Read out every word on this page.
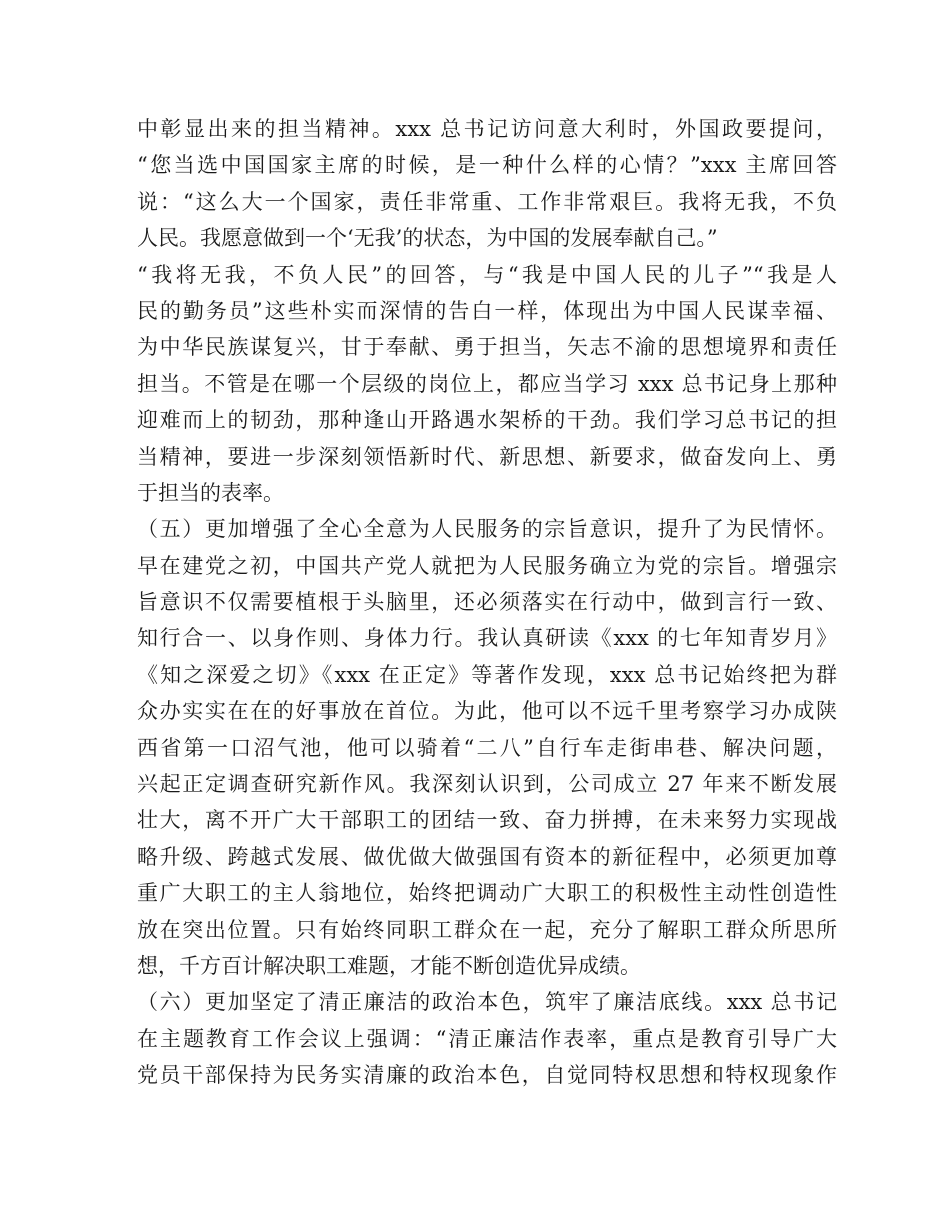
中彰显出来的担当精神。xxx 总书记访问意大利时，外国政要提问，
“您当选中国国家主席的时候，是一种什么样的心情？”xxx 主席回答
说：“这么大一个国家，责任非常重、工作非常艰巨。我将无我，不负
人民。我愿意做到一个‘无我’的状态，为中国的发展奉献自己。”
“我将无我，不负人民”的回答，与“我是中国人民的儿子”“我是人
民的勤务员”这些朴实而深情的告白一样，体现出为中国人民谋幸福、
为中华民族谋复兴，甘于奉献、勇于担当，矢志不渝的思想境界和责任
担当。不管是在哪一个层级的岗位上，都应当学习 xxx 总书记身上那种
迎难而上的韧劲，那种逢山开路遇水架桥的干劲。我们学习总书记的担
当精神，要进一步深刻领悟新时代、新思想、新要求，做奋发向上、勇
于担当的表率。
（五）更加增强了全心全意为人民服务的宗旨意识，提升了为民情怀。
早在建党之初，中国共产党人就把为人民服务确立为党的宗旨。增强宗
旨意识不仅需要植根于头脑里，还必须落实在行动中，做到言行一致、
知行合一、以身作则、身体力行。我认真研读《xxx 的七年知青岁月》
《知之深爱之切》《xxx 在正定》等著作发现，xxx 总书记始终把为群
众办实实在在的好事放在首位。为此，他可以不远千里考察学习办成陕
西省第一口沼气池，他可以骑着“二八”自行车走街串巷、解决问题，
兴起正定调查研究新作风。我深刻认识到，公司成立 27 年来不断发展
壮大，离不开广大干部职工的团结一致、奋力拼搏，在未来努力实现战
略升级、跨越式发展、做优做大做强国有资本的新征程中，必须更加尊
重广大职工的主人翁地位，始终把调动广大职工的积极性主动性创造性
放在突出位置。只有始终同职工群众在一起，充分了解职工群众所思所
想，千方百计解决职工难题，才能不断创造优异成绩。
（六）更加坚定了清正廉洁的政治本色，筑牢了廉洁底线。xxx 总书记
在主题教育工作会议上强调：“清正廉洁作表率，重点是教育引导广大
党员干部保持为民务实清廉的政治本色，自觉同特权思想和特权现象作
